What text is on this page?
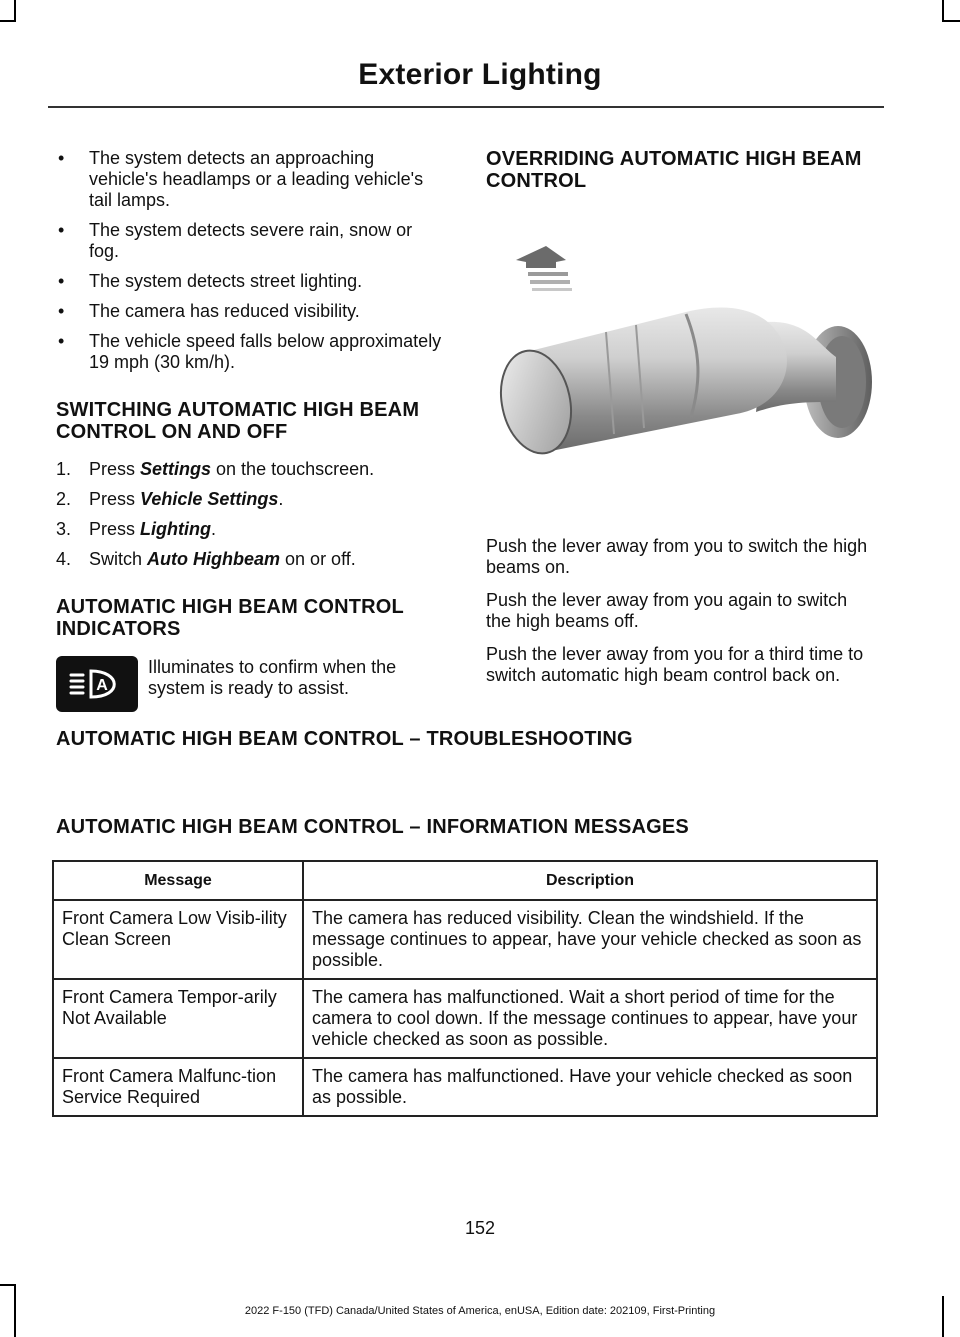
Exterior Lighting
• The system detects an approaching vehicle's headlamps or a leading vehicle's tail lamps.
• The system detects severe rain, snow or fog.
• The system detects street lighting.
• The camera has reduced visibility.
• The vehicle speed falls below approximately 19 mph (30 km/h).
SWITCHING AUTOMATIC HIGH BEAM CONTROL ON AND OFF
1. Press Settings on the touchscreen.
2. Press Vehicle Settings.
3. Press Lighting.
4. Switch Auto Highbeam on or off.
AUTOMATIC HIGH BEAM CONTROL INDICATORS
A
Illuminates to confirm when the system is ready to assist.
OVERRIDING AUTOMATIC HIGH BEAM CONTROL

Push the lever away from you to switch the high beams on.

Push the lever away from you again to switch the high beams off.

Push the lever away from you for a third time to switch automatic high beam control back on.

AUTOMATIC HIGH BEAM CONTROL – TROUBLESHOOTING
AUTOMATIC HIGH BEAM CONTROL – INFORMATION MESSAGES
Message	Description
Front Camera Low Visib-ility Clean Screen	The camera has reduced visibility. Clean the windshield. If the message continues to appear, have your vehicle checked as soon as possible.
Front Camera Tempor-arily Not Available	The camera has malfunctioned. Wait a short period of time for the camera to cool down. If the message continues to appear, have your vehicle checked as soon as possible.
Front Camera Malfunc-tion Service Required	The camera has malfunctioned. Have your vehicle checked as soon as possible.
152
2022 F-150 (TFD) Canada/United States of America, enUSA, Edition date: 202109, First-Printing
